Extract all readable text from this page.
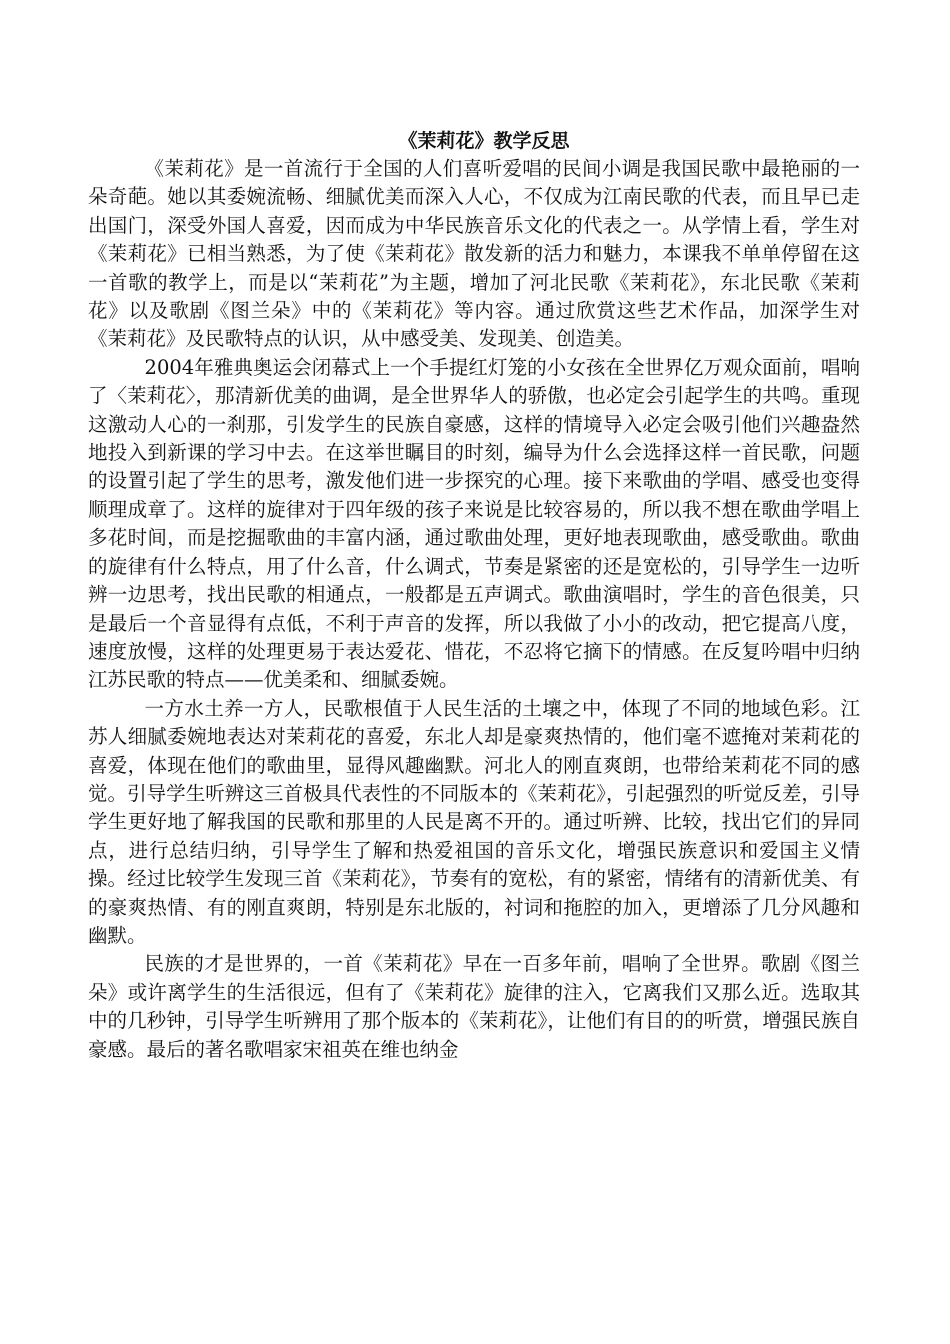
《茉莉花》教学反思

《茉莉花》是一首流行于全国的人们喜听爱唱的民间小调是我国民歌中最艳丽的一朵奇葩。她以其委婉流畅、细腻优美而深入人心，不仅成为江南民歌的代表，而且早已走出国门，深受外国人喜爱，因而成为中华民族音乐文化的代表之一。从学情上看，学生对《茉莉花》已相当熟悉，为了使《茉莉花》散发新的活力和魅力，本课我不单单停留在这一首歌的教学上，而是以“茉莉花”为主题，增加了河北民歌《茉莉花》，东北民歌《茉莉花》以及歌剧《图兰朵》中的《茉莉花》等内容。通过欣赏这些艺术作品，加深学生对《茉莉花》及民歌特点的认识，从中感受美、发现美、创造美。

2004年雅典奥运会闭幕式上一个手提红灯笼的小女孩在全世界亿万观众面前，唱响了〈茉莉花〉，那清新优美的曲调，是全世界华人的骄傲，也必定会引起学生的共鸣。重现这激动人心的一刹那，引发学生的民族自豪感，这样的情境导入必定会吸引他们兴趣盎然地投入到新课的学习中去。在这举世瞩目的时刻，编导为什么会选择这样一首民歌，问题的设置引起了学生的思考，激发他们进一步探究的心理。接下来歌曲的学唱、感受也变得顺理成章了。这样的旋律对于四年级的孩子来说是比较容易的，所以我不想在歌曲学唱上多花时间，而是挖掘歌曲的丰富内涵，通过歌曲处理，更好地表现歌曲，感受歌曲。歌曲的旋律有什么特点，用了什么音，什么调式，节奏是紧密的还是宽松的，引导学生一边听辨一边思考，找出民歌的相通点，一般都是五声调式。歌曲演唱时，学生的音色很美，只是最后一个音显得有点低，不利于声音的发挥，所以我做了小小的改动，把它提高八度，速度放慢，这样的处理更易于表达爱花、惜花，不忍将它摘下的情感。在反复吟唱中归纳江苏民歌的特点——优美柔和、细腻委婉。

一方水土养一方人，民歌根值于人民生活的土壤之中，体现了不同的地域色彩。江苏人细腻委婉地表达对茉莉花的喜爱，东北人却是豪爽热情的，他们毫不遮掩对茉莉花的喜爱，体现在他们的歌曲里，显得风趣幽默。河北人的刚直爽朗，也带给茉莉花不同的感觉。引导学生听辨这三首极具代表性的不同版本的《茉莉花》，引起强烈的听觉反差，引导学生更好地了解我国的民歌和那里的人民是离不开的。通过听辨、比较，找出它们的异同点，进行总结归纳，引导学生了解和热爱祖国的音乐文化，增强民族意识和爱国主义情操。经过比较学生发现三首《茉莉花》，节奏有的宽松，有的紧密，情绪有的清新优美、有的豪爽热情、有的刚直爽朗，特别是东北版的，衬词和拖腔的加入，更增添了几分风趣和幽默。

民族的才是世界的，一首《茉莉花》早在一百多年前，唱响了全世界。歌剧《图兰朵》或许离学生的生活很远，但有了《茉莉花》旋律的注入，它离我们又那么近。选取其中的几秒钟，引导学生听辨用了那个版本的《茉莉花》，让他们有目的的听赏，增强民族自豪感。最后的著名歌唱家宋祖英在维也纳金
